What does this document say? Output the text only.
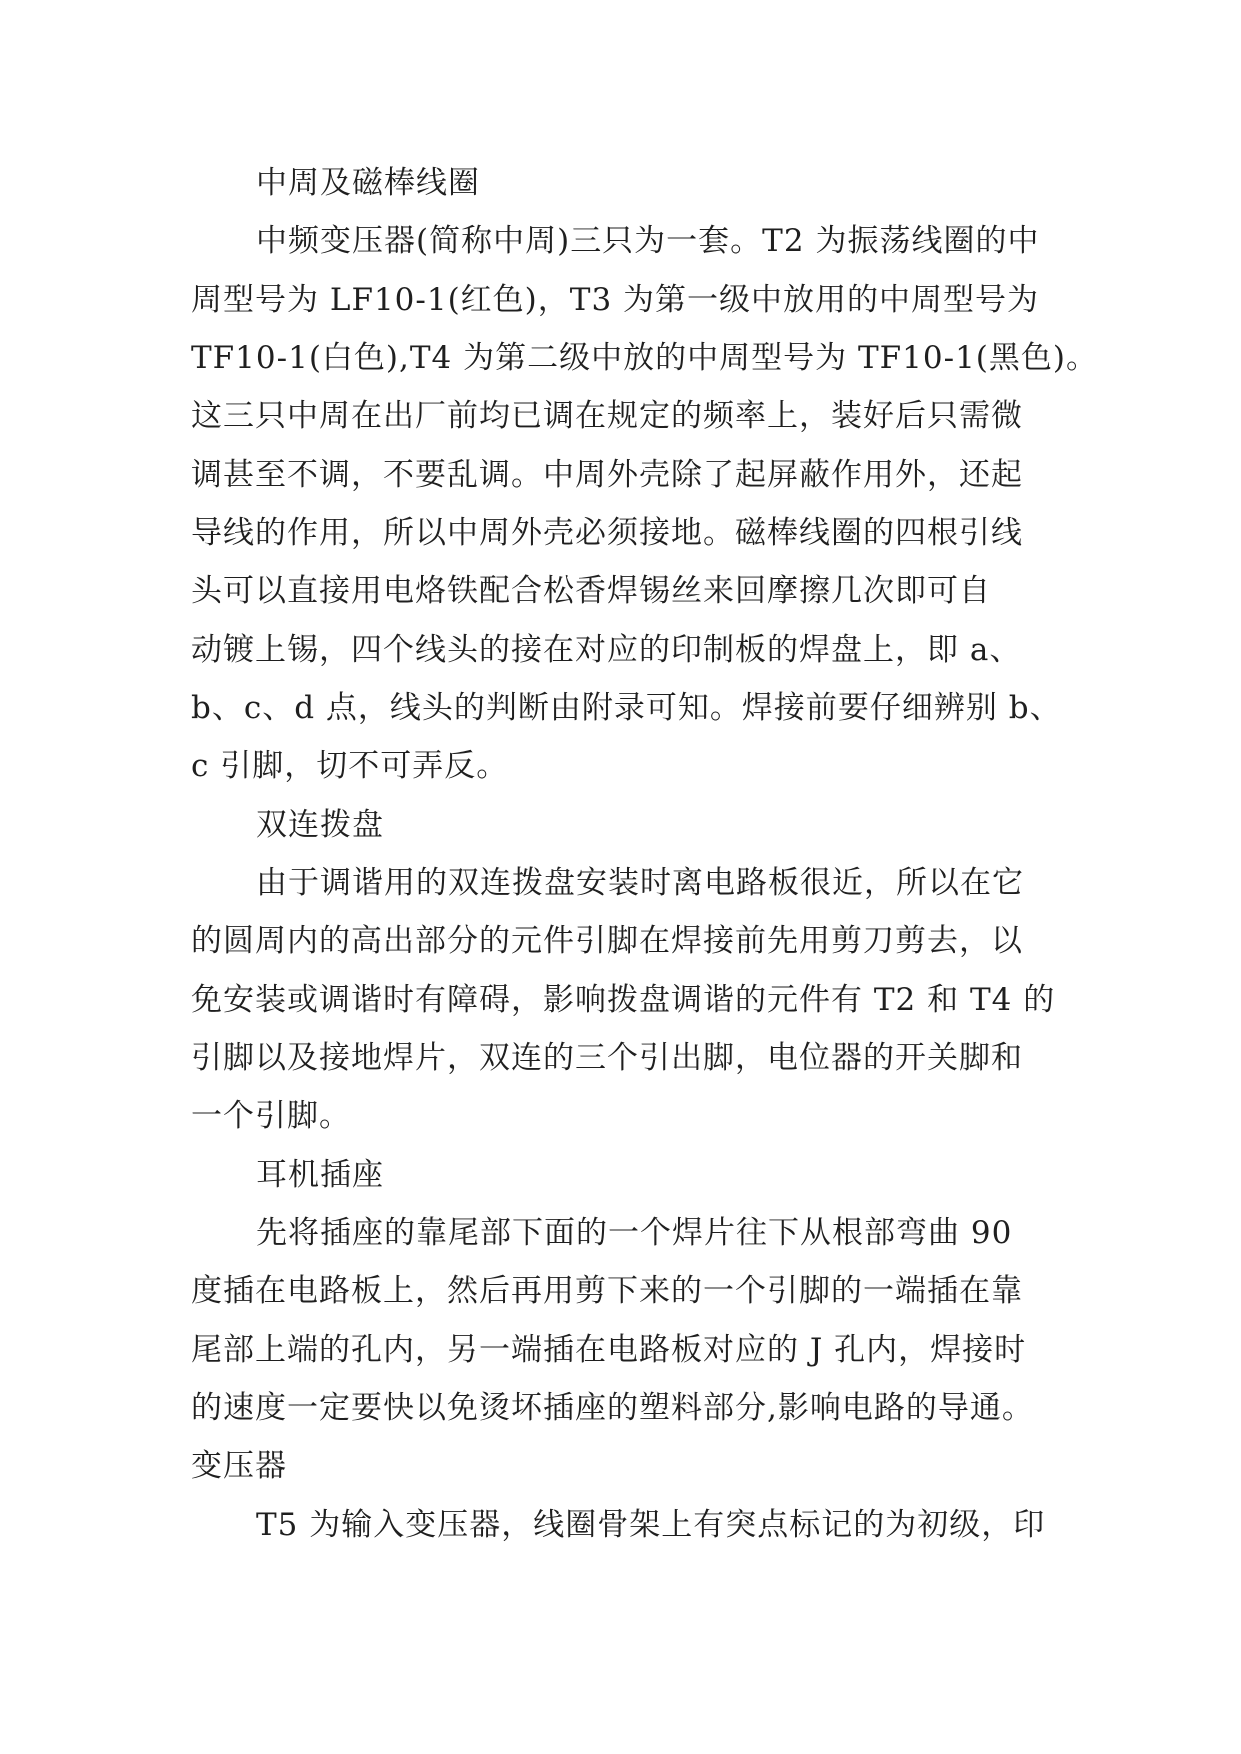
中周及磁棒线圈

中频变压器(简称中周)三只为一套。T2 为振荡线圈的中

周型号为 LF10-1(红色)，T3 为第一级中放用的中周型号为

TF10-1(白色),T4 为第二级中放的中周型号为 TF10-1(黑色)。

这三只中周在出厂前均已调在规定的频率上，装好后只需微

调甚至不调，不要乱调。中周外壳除了起屏蔽作用外，还起

导线的作用，所以中周外壳必须接地。磁棒线圈的四根引线

头可以直接用电烙铁配合松香焊锡丝来回摩擦几次即可自

动镀上锡，四个线头的接在对应的印制板的焊盘上，即 a、

b、c、d 点，线头的判断由附录可知。焊接前要仔细辨别 b、

c 引脚，切不可弄反。

双连拨盘

由于调谐用的双连拨盘安装时离电路板很近，所以在它

的圆周内的高出部分的元件引脚在焊接前先用剪刀剪去，以

免安装或调谐时有障碍，影响拨盘调谐的元件有 T2 和 T4 的

引脚以及接地焊片，双连的三个引出脚，电位器的开关脚和

一个引脚。

耳机插座

先将插座的靠尾部下面的一个焊片往下从根部弯曲 90

度插在电路板上，然后再用剪下来的一个引脚的一端插在靠

尾部上端的孔内，另一端插在电路板对应的 J 孔内，焊接时

的速度一定要快以免烫坏插座的塑料部分,影响电路的导通。

变压器

T5 为输入变压器，线圈骨架上有突点标记的为初级，印
